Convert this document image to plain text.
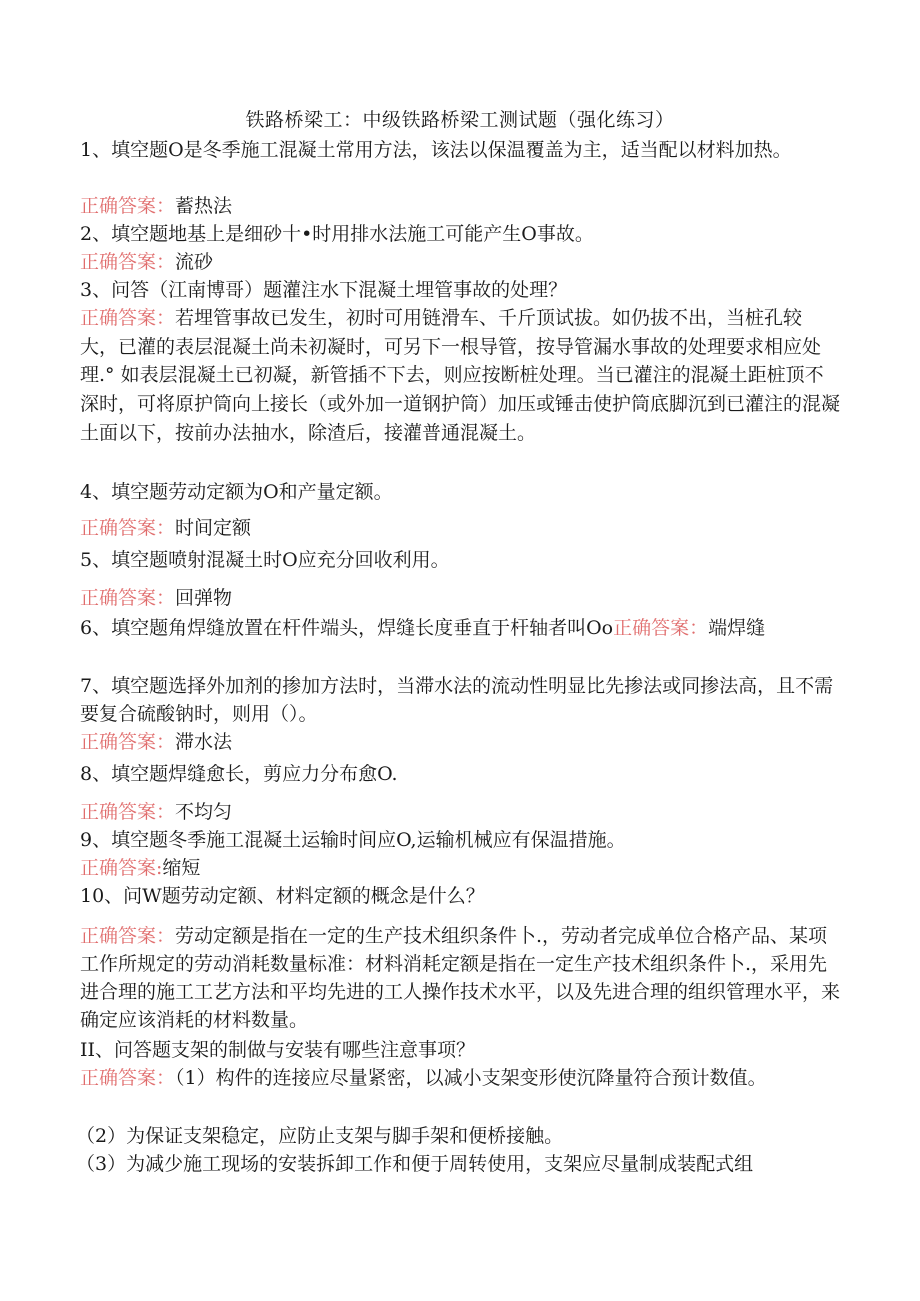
铁路桥梁工：中级铁路桥梁工测试题（强化练习）
1、填空题O是冬季施工混凝土常用方法，该法以保温覆盖为主，适当配以材料加热。
正确答案：蓄热法
2、填空题地基上是细砂十•时用排水法施工可能产生O事故。
正确答案：流砂
3、问答（江南博哥）题灌注水下混凝土埋管事故的处理？
正确答案：若埋管事故已发生，初时可用链滑车、千斤顶试拔。如仍拔不出，当桩孔较大，已灌的表层混凝土尚未初凝时，可另下一根导管，按导管漏水事故的处理要求相应处理.° 如表层混凝土已初凝，新管插不下去，则应按断桩处理。当已灌注的混凝土距桩顶不深时，可将原护筒向上接长（或外加一道钢护筒）加压或锤击使护筒底脚沉到已灌注的混凝土面以下，按前办法抽水，除渣后，接灌普通混凝土。
4、填空题劳动定额为O和产量定额。
正确答案：时间定额
5、填空题喷射混凝土时O应充分回收利用。
正确答案：回弹物
6、填空题角焊缝放置在杆件端头，焊缝长度垂直于杆轴者叫Oo正确答案：端焊缝
7、填空题选择外加剂的掺加方法时，当滞水法的流动性明显比先掺法或同掺法高，且不需要复合硫酸钠时，则用（）。
正确答案：滞水法
8、填空题焊缝愈长，剪应力分布愈O.
正确答案：不均匀
9、填空题冬季施工混凝土运输时间应O,运输机械应有保温措施。
正确答案:缩短
10、问W题劳动定额、材料定额的概念是什么？
正确答案：劳动定额是指在一定的生产技术组织条件卜.，劳动者完成单位合格产品、某项工作所规定的劳动消耗数量标准：材料消耗定额是指在一定生产技术组织条件卜.，采用先进合理的施工工艺方法和平均先进的工人操作技术水平，以及先进合理的组织管理水平，来确定应该消耗的材料数量。
II、问答题支架的制做与安装有哪些注意事项？
正确答案：（1）构件的连接应尽量紧密，以减小支架变形使沉降量符合预计数值。
（2）为保证支架稳定，应防止支架与脚手架和便桥接触。
（3）为减少施工现场的安装拆卸工作和便于周转使用，支架应尽量制成装配式组
